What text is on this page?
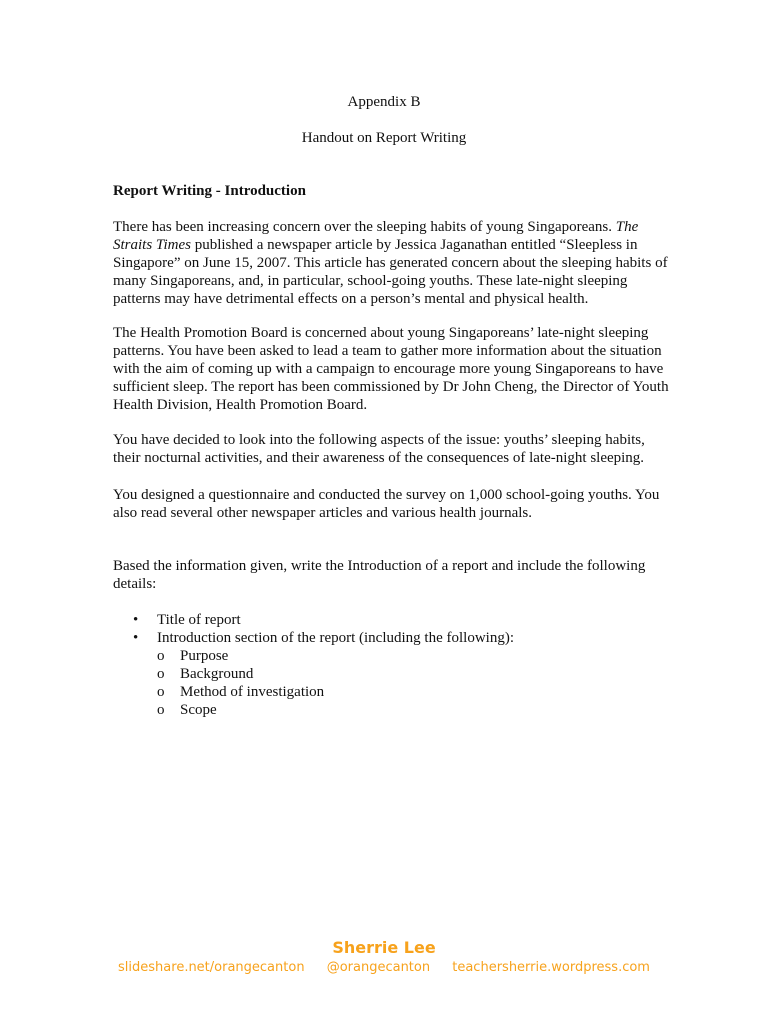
Appendix B
Handout on Report Writing
Report Writing - Introduction

There has been increasing concern over the sleeping habits of young Singaporeans. The Straits Times published a newspaper article by Jessica Jaganathan entitled “Sleepless in Singapore” on June 15, 2007. This article has generated concern about the sleeping habits of many Singaporeans, and, in particular, school-going youths. These late-night sleeping patterns may have detrimental effects on a person’s mental and physical health.

The Health Promotion Board is concerned about young Singaporeans’ late-night sleeping patterns. You have been asked to lead a team to gather more information about the situation with the aim of coming up with a campaign to encourage more young Singaporeans to have sufficient sleep. The report has been commissioned by Dr John Cheng, the Director of Youth Health Division, Health Promotion Board.

You have decided to look into the following aspects of the issue: youths’ sleeping habits, their nocturnal activities, and their awareness of the consequences of late-night sleeping.

You designed a questionnaire and conducted the survey on 1,000 school-going youths. You also read several other newspaper articles and various health journals.

Based the information given, write the Introduction of a report and include the following details:

•	Title of report
•	Introduction section of the report (including the following):
o Purpose
o Background
o Method of investigation
o Scope
Sherrie Lee
slideshare.net/orangecanton @orangecanton teachersherrie.wordpress.com
